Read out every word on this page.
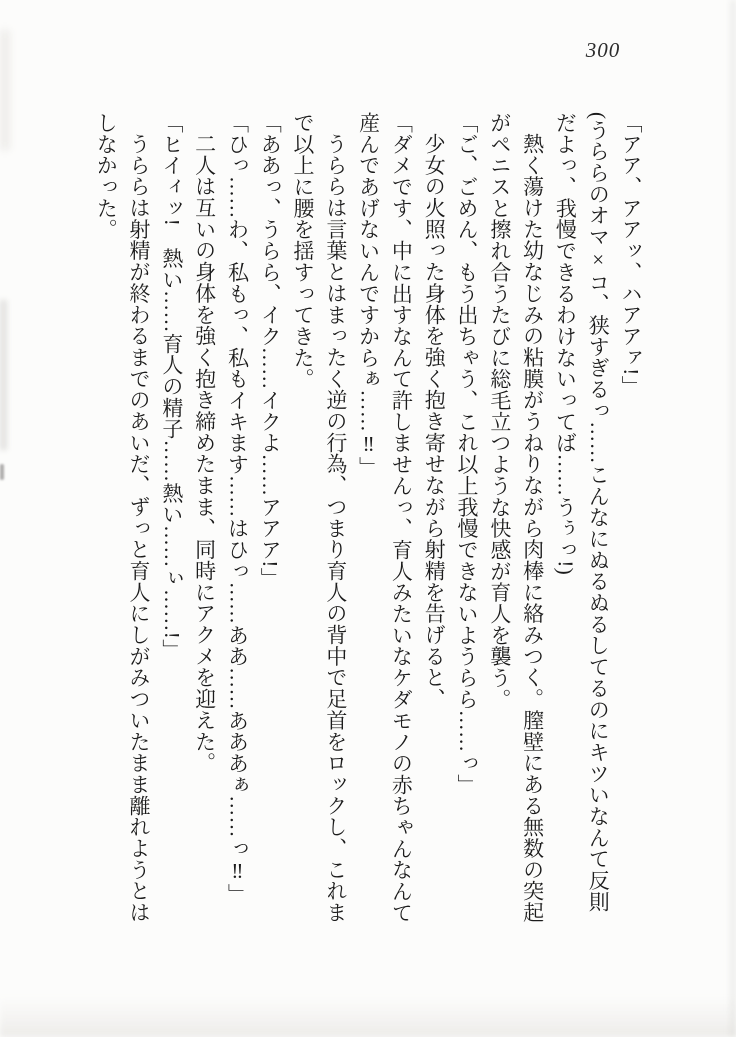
300

「アア、アアッ、ハアアァ!」

(うららのオマ×コ、狭すぎるっ……こんなにぬるぬるしてるのにキツいなんて反則

だよっ、我慢できるわけないってば……うぅっ!)

熱く蕩けた幼なじみの粘膜がうねりながら肉棒に絡みつく。膣壁にある無数の突起

がペニスと擦れ合うたびに総毛立つような快感が育人を襲う。

「ご、ごめん、もう出ちゃう、これ以上我慢できないようらら……っ」

少女の火照った身体を強く抱き寄せながら射精を告げると、

「ダメです、中に出すなんて許しませんっ、育人みたいなケダモノの赤ちゃんなんて

産んであげないんですからぁ……‼」

うららは言葉とはまったく逆の行為、つまり育人の背中で足首をロックし、これま

で以上に腰を揺すってきた。

「ああっ、うらら、イク……イクよ……アアア!」

「ひっ……わ、私もっ、私もイキます……はひっ……ああ……あああぁ……っ‼」

二人は互いの身体を強く抱き締めたまま、同時にアクメを迎えた。

「ヒイィッ!　熱い……育人の精子……熱い……ぃ……!」

うららは射精が終わるまでのあいだ、ずっと育人にしがみついたまま離れようとは

しなかった。
